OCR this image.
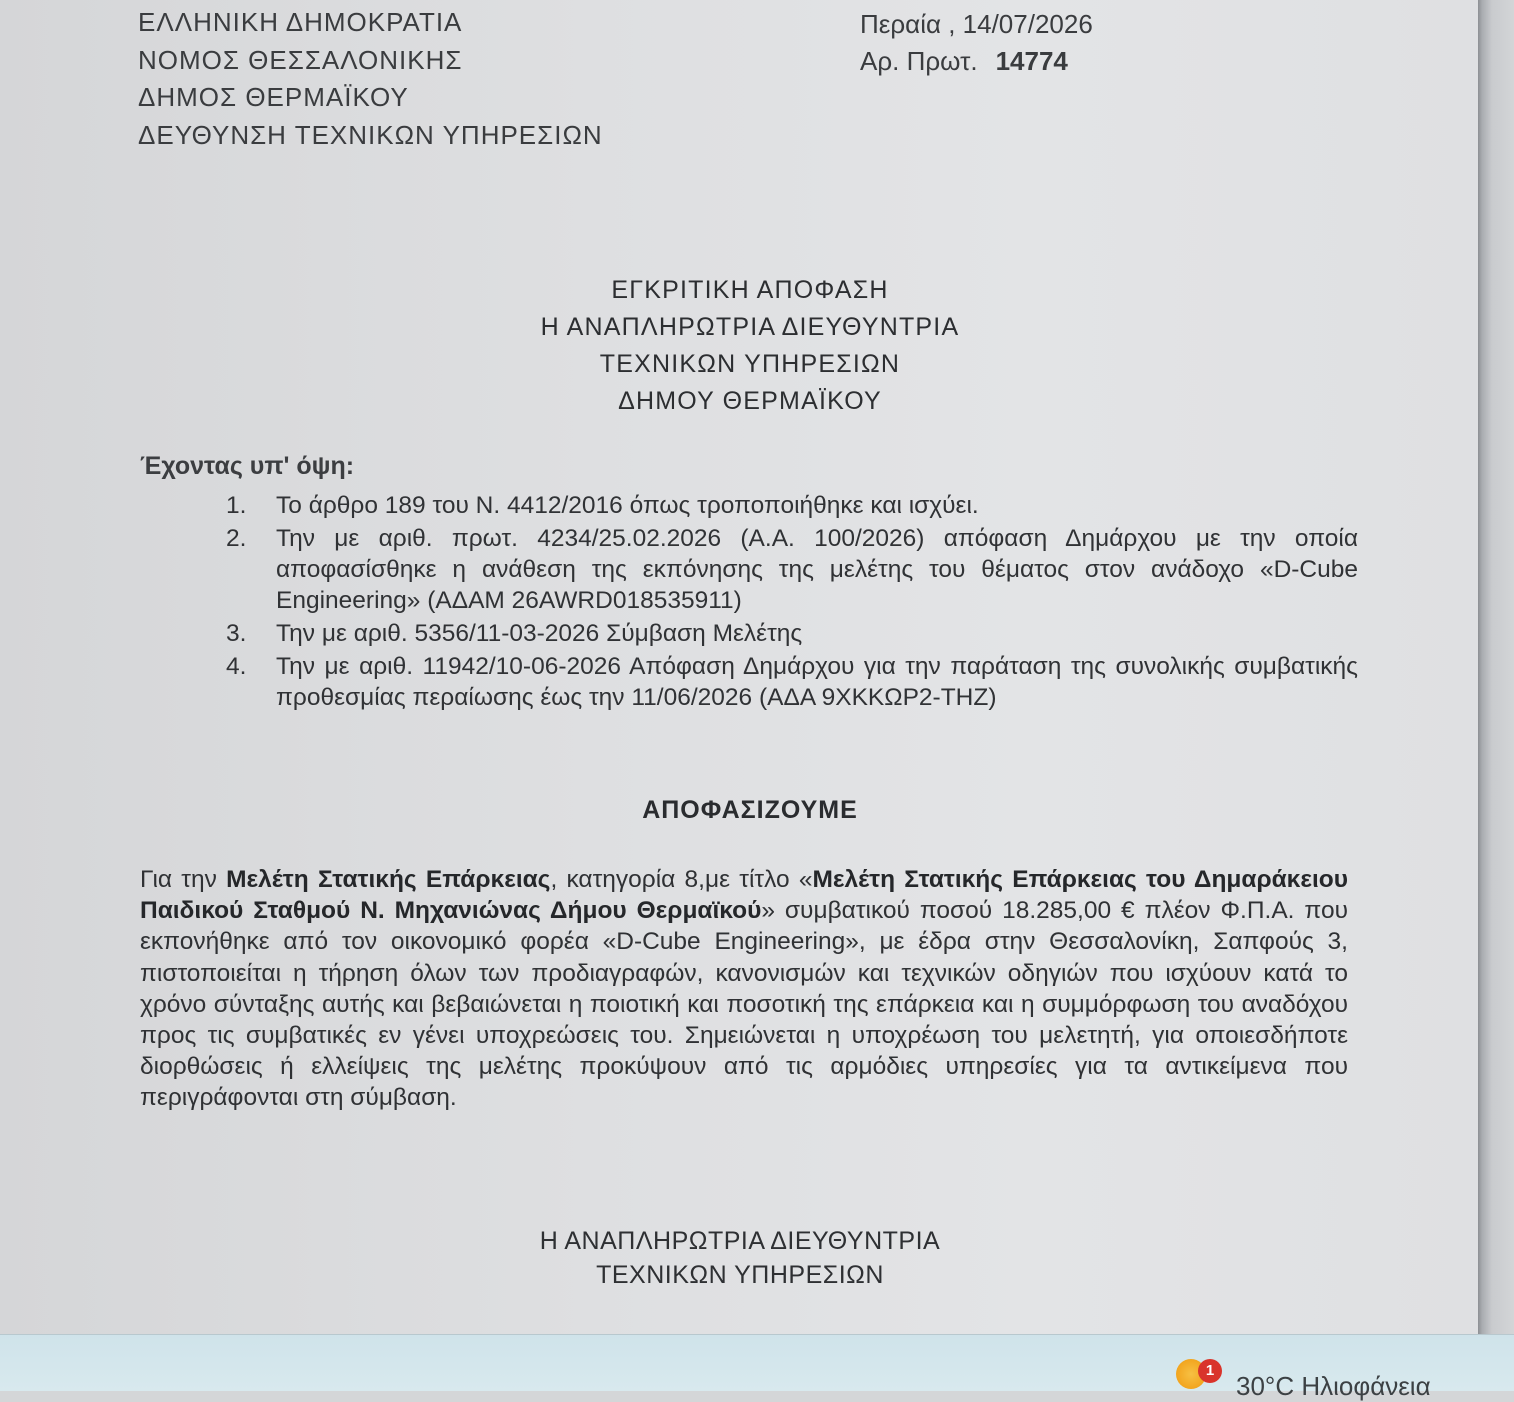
ΕΛΛΗΝΙΚΗ ΔΗΜΟΚΡΑΤΙΑ
ΝΟΜΟΣ ΘΕΣΣΑΛΟΝΙΚΗΣ
ΔΗΜΟΣ ΘΕΡΜΑΪΚΟΥ
ΔΕΥΘΥΝΣΗ ΤΕΧΝΙΚΩΝ ΥΠΗΡΕΣΙΩΝ
Περαία , 14/07/2026
Αρ. Πρωτ. 14774
ΕΓΚΡΙΤΙΚΗ ΑΠΟΦΑΣΗ
Η ΑΝΑΠΛΗΡΩΤΡΙΑ ΔΙΕΥΘΥΝΤΡΙΑ
ΤΕΧΝΙΚΩΝ ΥΠΗΡΕΣΙΩΝ
ΔΗΜΟΥ ΘΕΡΜΑΪΚΟΥ
Έχοντας υπ' όψη:
1.	Το άρθρο 189 του Ν. 4412/2016 όπως τροποποιήθηκε και ισχύει.
2.	Την με αριθ. πρωτ. 4234/25.02.2026 (Α.Α. 100/2026) απόφαση Δημάρχου με την οποία αποφασίσθηκε η ανάθεση της εκπόνησης της μελέτης του θέματος στον ανάδοχο «D-Cube Engineering» (ΑΔΑΜ 26AWRD018535911)
3.	Την με αριθ. 5356/11-03-2026 Σύμβαση Μελέτης
4.	Την με αριθ. 11942/10-06-2026 Απόφαση Δημάρχου για την παράταση της συνολικής συμβατικής προθεσμίας περαίωσης έως την 11/06/2026 (ΑΔΑ 9ΧΚΚΩΡ2-ΤΗΖ)
ΑΠΟΦΑΣΙΖΟΥΜΕ
Για την Μελέτη Στατικής Επάρκειας, κατηγορία 8,με τίτλο «Μελέτη Στατικής Επάρκειας του Δημαράκειου Παιδικού Σταθμού Ν. Μηχανιώνας Δήμου Θερμαϊκού» συμβατικού ποσού 18.285,00 € πλέον Φ.Π.Α. που εκπονήθηκε από τον οικονομικό φορέα «D-Cube Engineering», με έδρα στην Θεσσαλονίκη, Σαπφούς 3, πιστοποιείται η τήρηση όλων των προδιαγραφών, κανονισμών και τεχνικών οδηγιών που ισχύουν κατά το χρόνο σύνταξης αυτής και βεβαιώνεται η ποιοτική και ποσοτική της επάρκεια και η συμμόρφωση του αναδόχου προς τις συμβατικές εν γένει υποχρεώσεις του. Σημειώνεται η υποχρέωση του μελετητή, για οποιεσδήποτε διορθώσεις ή ελλείψεις της μελέτης προκύψουν από τις αρμόδιες υπηρεσίες για τα αντικείμενα που περιγράφονται στη σύμβαση.
Η ΑΝΑΠΛΗΡΩΤΡΙΑ ΔΙΕΥΘΥΝΤΡΙΑ
ΤΕΧΝΙΚΩΝ ΥΠΗΡΕΣΙΩΝ
1
30°C Ηλιοφάνεια
